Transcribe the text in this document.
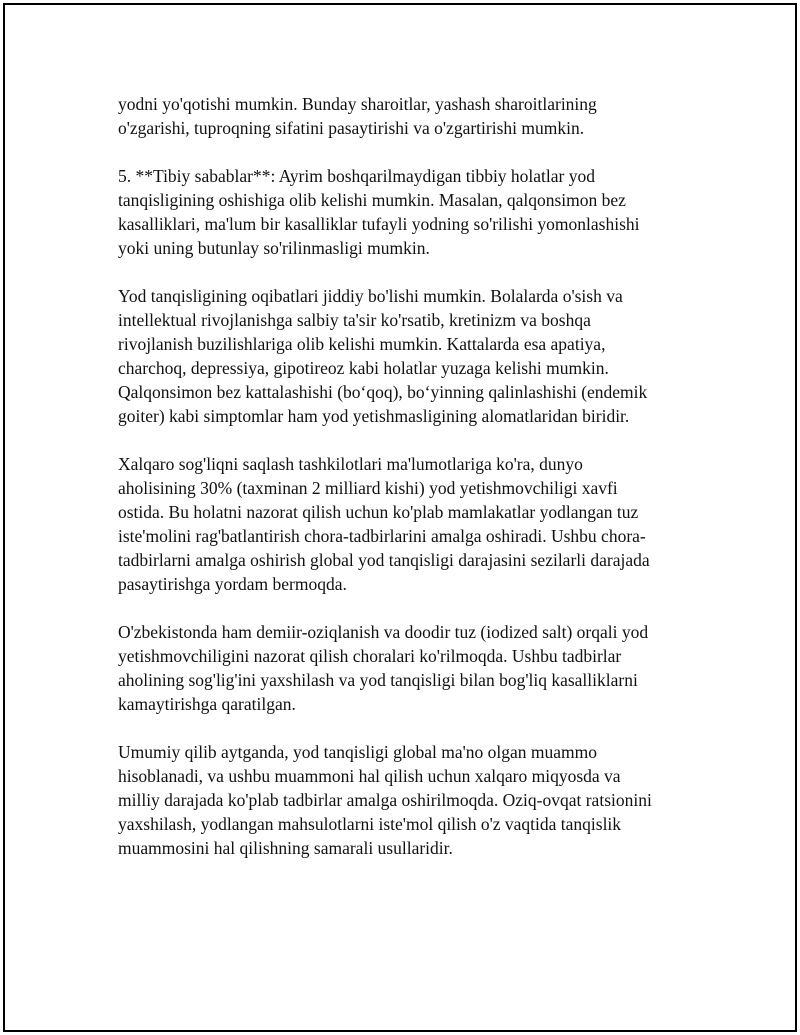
yodni yo'qotishi mumkin. Bunday sharoitlar, yashash sharoitlarining
o'zgarishi, tuproqning sifatini pasaytirishi va o'zgartirishi mumkin.

5. **Tibiy sabablar**: Ayrim boshqarilmaydigan tibbiy holatlar yod
tanqisligining oshishiga olib kelishi mumkin. Masalan, qalqonsimon bez
kasalliklari, ma'lum bir kasalliklar tufayli yodning so'rilishi yomonlashishi
yoki uning butunlay so'rilinmasligi mumkin.

Yod tanqisligining oqibatlari jiddiy bo'lishi mumkin. Bolalarda o'sish va
intellektual rivojlanishga salbiy ta'sir ko'rsatib, kretinizm va boshqa
rivojlanish buzilishlariga olib kelishi mumkin. Kattalarda esa apatiya,
charchoq, depressiya, gipotireoz kabi holatlar yuzaga kelishi mumkin.
Qalqonsimon bez kattalashishi (bo‘qoq), bo‘yinning qalinlashishi (endemik
goiter) kabi simptomlar ham yod yetishmasligining alomatlaridan biridir.

Xalqaro sog'liqni saqlash tashkilotlari ma'lumotlariga ko'ra, dunyo
aholisining 30% (taxminan 2 milliard kishi) yod yetishmovchiligi xavfi
ostida. Bu holatni nazorat qilish uchun ko'plab mamlakatlar yodlangan tuz
iste'molini rag'batlantirish chora-tadbirlarini amalga oshiradi. Ushbu chora-
tadbirlarni amalga oshirish global yod tanqisligi darajasini sezilarli darajada
pasaytirishga yordam bermoqda.

O'zbekistonda ham demiir-oziqlanish va doodir tuz (iodized salt) orqali yod
yetishmovchiligini nazorat qilish choralari ko'rilmoqda. Ushbu tadbirlar
aholining sog'lig'ini yaxshilash va yod tanqisligi bilan bog'liq kasalliklarni
kamaytirishga qaratilgan.

Umumiy qilib aytganda, yod tanqisligi global ma'no olgan muammo
hisoblanadi, va ushbu muammoni hal qilish uchun xalqaro miqyosda va
milliy darajada ko'plab tadbirlar amalga oshirilmoqda. Oziq-ovqat ratsionini
yaxshilash, yodlangan mahsulotlarni iste'mol qilish o'z vaqtida tanqislik
muammosini hal qilishning samarali usullaridir.
